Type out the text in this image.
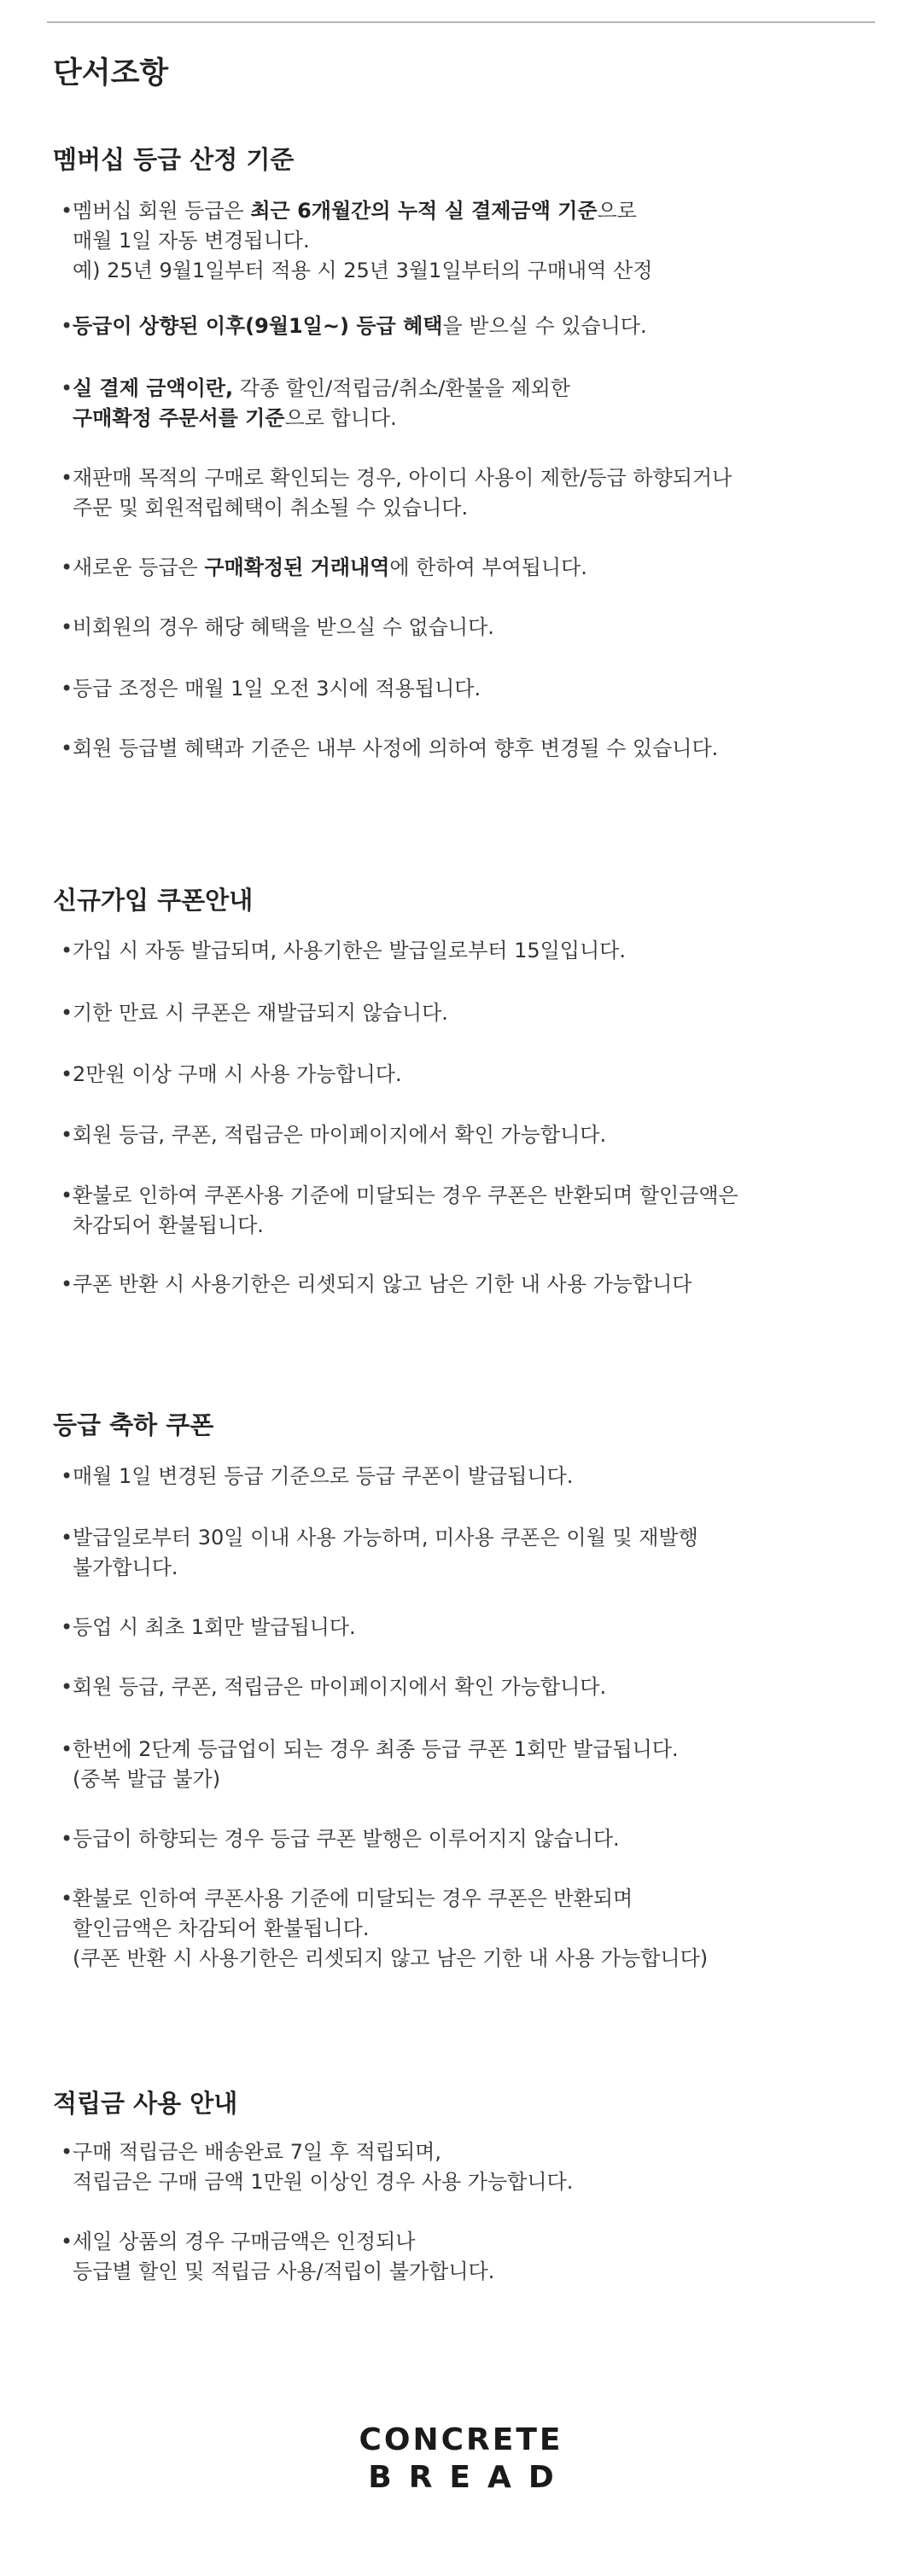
단서조항
멤버십 등급 산정 기준
• 멤버십 회원 등급은 최근 6개월간의 누적 실 결제금액 기준으로
매월 1일 자동 변경됩니다.
예) 25년 9월1일부터 적용 시 25년 3월1일부터의 구매내역 산정
• 등급이 상향된 이후(9월1일~) 등급 혜택을 받으실 수 있습니다.
• 실 결제 금액이란, 각종 할인/적립금/취소/환불을 제외한
구매확정 주문서를 기준으로 합니다.
• 재판매 목적의 구매로 확인되는 경우, 아이디 사용이 제한/등급 하향되거나
주문 및 회원적립혜택이 취소될 수 있습니다.
• 새로운 등급은 구매확정된 거래내역에 한하여 부여됩니다.
• 비회원의 경우 해당 혜택을 받으실 수 없습니다.
• 등급 조정은 매월 1일 오전 3시에 적용됩니다.
• 회원 등급별 혜택과 기준은 내부 사정에 의하여 향후 변경될 수 있습니다.
신규가입 쿠폰안내
• 가입 시 자동 발급되며, 사용기한은 발급일로부터 15일입니다.
• 기한 만료 시 쿠폰은 재발급되지 않습니다.
• 2만원 이상 구매 시 사용 가능합니다.
• 회원 등급, 쿠폰, 적립금은 마이페이지에서 확인 가능합니다.
• 환불로 인하여 쿠폰사용 기준에 미달되는 경우 쿠폰은 반환되며 할인금액은
차감되어 환불됩니다.
• 쿠폰 반환 시 사용기한은 리셋되지 않고 남은 기한 내 사용 가능합니다
등급 축하 쿠폰
• 매월 1일 변경된 등급 기준으로 등급 쿠폰이 발급됩니다.
• 발급일로부터 30일 이내 사용 가능하며, 미사용 쿠폰은 이월 및 재발행
불가합니다.
• 등업 시 최초 1회만 발급됩니다.
• 회원 등급, 쿠폰, 적립금은 마이페이지에서 확인 가능합니다.
• 한번에 2단계 등급업이 되는 경우 최종 등급 쿠폰 1회만 발급됩니다.
(중복 발급 불가)
• 등급이 하향되는 경우 등급 쿠폰 발행은 이루어지지 않습니다.
• 환불로 인하여 쿠폰사용 기준에 미달되는 경우 쿠폰은 반환되며
할인금액은 차감되어 환불됩니다.
(쿠폰 반환 시 사용기한은 리셋되지 않고 남은 기한 내 사용 가능합니다)
적립금 사용 안내
• 구매 적립금은 배송완료 7일 후 적립되며,
적립금은 구매 금액 1만원 이상인 경우 사용 가능합니다.
• 세일 상품의 경우 구매금액은 인정되나
등급별 할인 및 적립금 사용/적립이 불가합니다.
CONCRETE
BREAD
